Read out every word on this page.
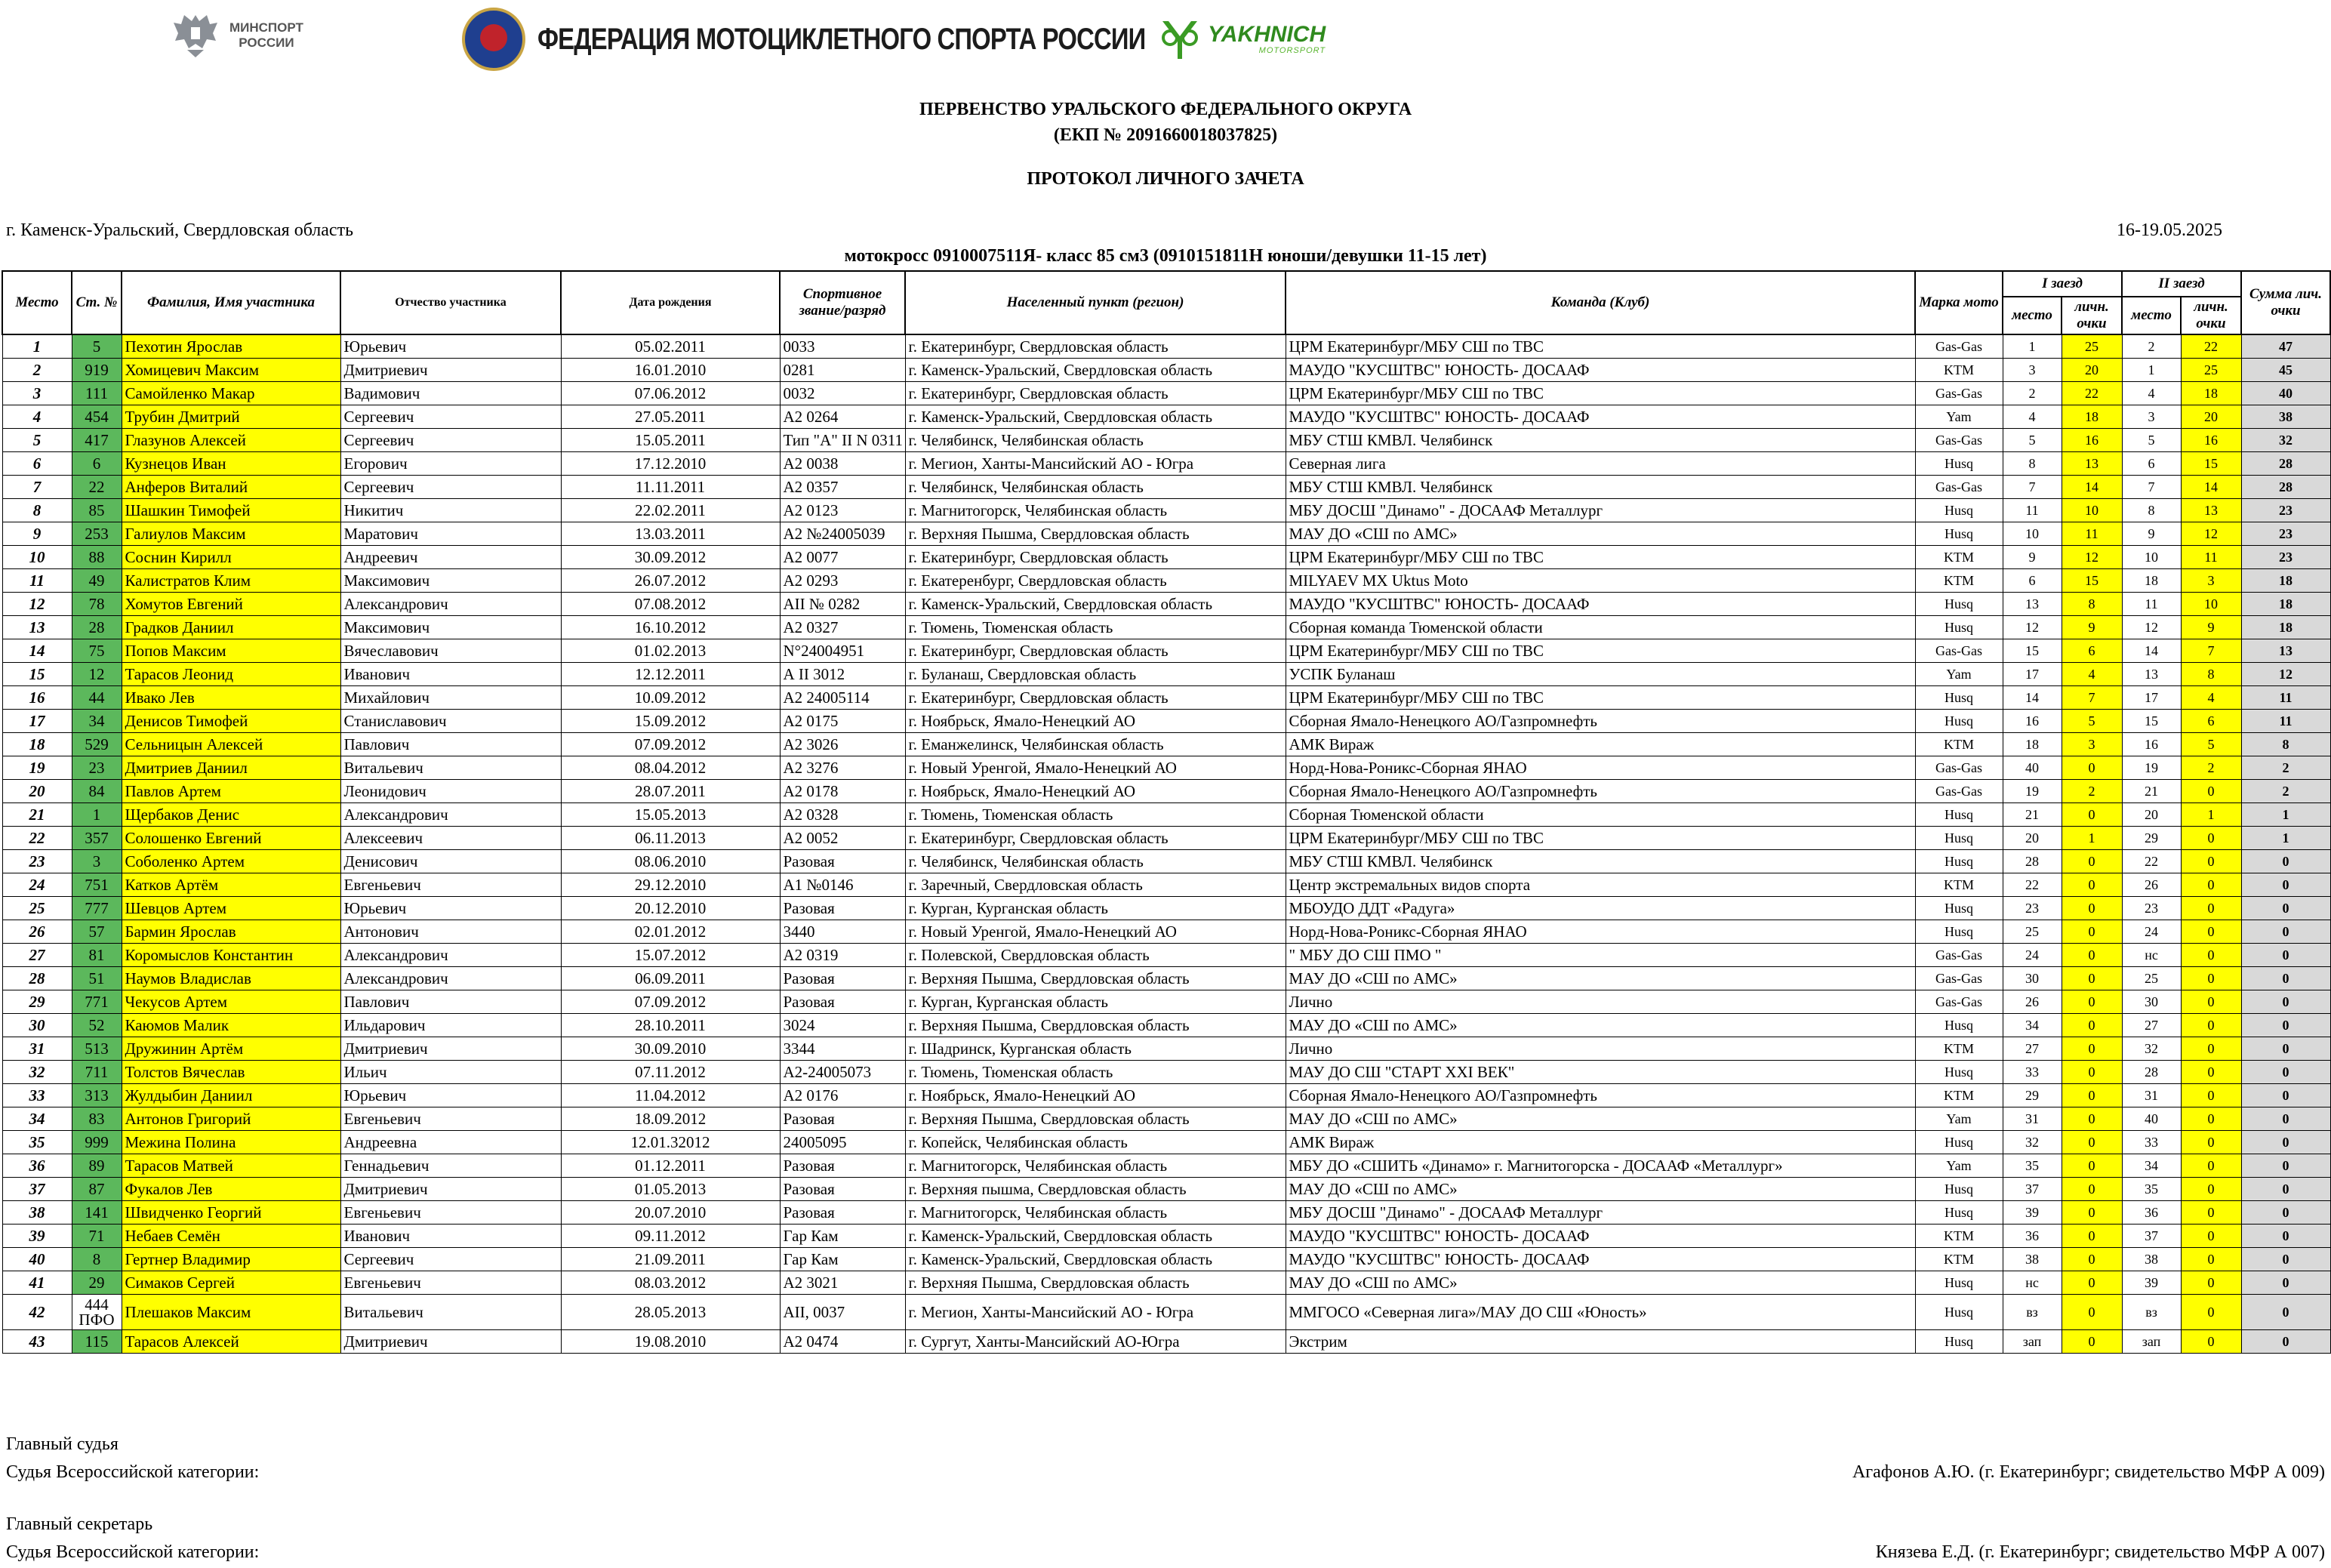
МИНСПОРТ
РОССИИ	ФЕДЕРАЦИЯ МОТОЦИКЛЕТНОГО СПОРТА РОССИИ	YAKHNICH
MOTORSPORT
ПЕРВЕНСТВО УРАЛЬСКОГО ФЕДЕРАЛЬНОГО ОКРУГА
(ЕКП № 2091660018037825)
ПРОТОКОЛ ЛИЧНОГО ЗАЧЕТА
г. Каменск-Уральский, Свердловская область	16-19.05.2025
мотокросс 0910007511Я- класс 85 см3 (0910151811Н юноши/девушки 11-15 лет)
Место	Ст. №	Фамилия, Имя участника	Отчество участника	Дата рождения	Спортивное звание/разряд	Населенный пункт (регион)	Команда (Клуб)	Марка мото	I заезд		II заезд		Сумма лич. очки
									место	личн. очки	место	личн. очки	
1	5	Пехотин Ярослав	Юрьевич	05.02.2011	0033	г. Екатеринбург, Свердловская область	ЦРМ Екатеринбург/МБУ СШ по ТВС	Gas-Gas	1	25	2	22	47
2	919	Хомицевич Максим	Дмитриевич	16.01.2010	0281	г. Каменск-Уральский, Свердловская область	МАУДО "КУСШТВС" ЮНОСТЬ- ДОСААФ	KTM	3	20	1	25	45
3	111	Самойленко Макар	Вадимович	07.06.2012	0032	г. Екатеринбург, Свердловская область	ЦРМ Екатеринбург/МБУ СШ по ТВС	Gas-Gas	2	22	4	18	40
4	454	Трубин Дмитрий	Сергеевич	27.05.2011	А2 0264	г. Каменск-Уральский, Свердловская область	МАУДО "КУСШТВС" ЮНОСТЬ- ДОСААФ	Yam	4	18	3	20	38
5	417	Глазунов Алексей	Сергеевич	15.05.2011	Тип "А" II N 0311	г. Челябинск, Челябинская область	МБУ СТШ КМВЛ. Челябинск	Gas-Gas	5	16	5	16	32
6	6	Кузнецов Иван	Егорович	17.12.2010	А2 0038	г. Мегион, Ханты-Мансийский АО - Югра	Северная лига	Husq	8	13	6	15	28
7	22	Анферов Виталий	Сергеевич	11.11.2011	А2 0357	г. Челябинск, Челябинская область	МБУ СТШ КМВЛ. Челябинск	Gas-Gas	7	14	7	14	28
8	85	Шашкин Тимофей	Никитич	22.02.2011	А2 0123	г. Магнитогорск, Челябинская область	МБУ ДОСШ "Динамо" - ДОСААФ Металлург	Husq	11	10	8	13	23
9	253	Галиулов Максим	Маратович	13.03.2011	А2 №24005039	г. Верхняя Пышма, Свердловская область	МАУ ДО «СШ по АМС»	Husq	10	11	9	12	23
10	88	Соснин Кирилл	Андреевич	30.09.2012	А2 0077	г. Екатеринбург, Свердловская область	ЦРМ Екатеринбург/МБУ СШ по ТВС	KTM	9	12	10	11	23
11	49	Калистратов Клим	Максимович	26.07.2012	А2 0293	г. Екатеренбург, Свердловская область	MILYAEV MX Uktus Moto	KTM	6	15	18	3	18
12	78	Хомутов Евгений	Александрович	07.08.2012	АII № 0282	г. Каменск-Уральский, Свердловская область	МАУДО "КУСШТВС" ЮНОСТЬ- ДОСААФ	Husq	13	8	11	10	18
13	28	Градков Даниил	Максимович	16.10.2012	А2 0327	г. Тюмень, Тюменская область	Сборная команда Тюменской области	Husq	12	9	12	9	18
14	75	Попов Максим	Вячеславович	01.02.2013	N°24004951	г. Екатеринбург, Свердловская область	ЦРМ Екатеринбург/МБУ СШ по ТВС	Gas-Gas	15	6	14	7	13
15	12	Тарасов Леонид	Иванович	12.12.2011	А II 3012	г. Буланаш, Свердловская область	УСПК Буланаш	Yam	17	4	13	8	12
16	44	Ивако Лев	Михайлович	10.09.2012	А2 24005114	г. Екатеринбург, Свердловская область	ЦРМ Екатеринбург/МБУ СШ по ТВС	Husq	14	7	17	4	11
17	34	Денисов Тимофей	Станиславович	15.09.2012	А2 0175	г. Ноябрьск, Ямало-Ненецкий АО	Сборная Ямало-Ненецкого АО/Газпромнефть	Husq	16	5	15	6	11
18	529	Сельницын Алексей	Павлович	07.09.2012	А2 3026	г. Еманжелинск, Челябинская область	АМК Вираж	KTM	18	3	16	5	8
19	23	Дмитриев Даниил	Витальевич	08.04.2012	А2 3276	г. Новый Уренгой, Ямало-Ненецкий АО	Норд-Нова-Роникс-Сборная ЯНАО	Gas-Gas	40	0	19	2	2
20	84	Павлов Артем	Леонидович	28.07.2011	А2 0178	г. Ноябрьск, Ямало-Ненецкий АО	Сборная Ямало-Ненецкого АО/Газпромнефть	Gas-Gas	19	2	21	0	2
21	1	Щербаков Денис	Александрович	15.05.2013	А2 0328	г. Тюмень, Тюменская область	Сборная Тюменской области	Husq	21	0	20	1	1
22	357	Солошенко Евгений	Алексеевич	06.11.2013	А2 0052	г. Екатеринбург, Свердловская область	ЦРМ Екатеринбург/МБУ СШ по ТВС	Husq	20	1	29	0	1
23	3	Соболенко Артем	Денисович	08.06.2010	Разовая	г. Челябинск, Челябинская область	МБУ СТШ КМВЛ. Челябинск	Husq	28	0	22	0	0
24	751	Катков Артём	Евгеньевич	29.12.2010	А1 №0146	г. Заречный, Свердловская область	Центр экстремальных видов спорта	KTM	22	0	26	0	0
25	777	Шевцов Артем	Юрьевич	20.12.2010	Разовая	г. Курган, Курганская область	МБОУДО ДДТ «Радуга»	Husq	23	0	23	0	0
26	57	Бармин Ярослав	Антонович	02.01.2012	3440	г. Новый Уренгой, Ямало-Ненецкий АО	Норд-Нова-Роникс-Сборная ЯНАО	Husq	25	0	24	0	0
27	81	Коромыслов Константин	Александрович	15.07.2012	А2 0319	г. Полевской, Свердловская область	" МБУ ДО СШ ПМО "	Gas-Gas	24	0	нс	0	0
28	51	Наумов Владислав	Александрович	06.09.2011	Разовая	г. Верхняя Пышма, Свердловская область	МАУ ДО «СШ по АМС»	Gas-Gas	30	0	25	0	0
29	771	Чекусов Артем	Павлович	07.09.2012	Разовая	г. Курган, Курганская область	Лично	Gas-Gas	26	0	30	0	0
30	52	Каюмов Малик	Ильдарович	28.10.2011	3024	г. Верхняя Пышма, Свердловская область	МАУ ДО «СШ по АМС»	Husq	34	0	27	0	0
31	513	Дружинин Артём	Дмитриевич	30.09.2010	3344	г. Шадринск, Курганская область	Лично	KTM	27	0	32	0	0
32	711	Толстов Вячеслав	Ильич	07.11.2012	А2-24005073	г. Тюмень, Тюменская область	МАУ ДО СШ "СТАРТ XXI ВЕК"	Husq	33	0	28	0	0
33	313	Жулдыбин Даниил	Юрьевич	11.04.2012	А2 0176	г. Ноябрьск, Ямало-Ненецкий АО	Сборная Ямало-Ненецкого АО/Газпромнефть	KTM	29	0	31	0	0
34	83	Антонов Григорий	Евгеньевич	18.09.2012	Разовая	г. Верхняя Пышма, Свердловская область	МАУ ДО «СШ по АМС»	Yam	31	0	40	0	0
35	999	Межина Полина	Андреевна	12.01.32012	24005095	г. Копейск, Челябинская область	АМК Вираж	Husq	32	0	33	0	0
36	89	Тарасов Матвей	Геннадьевич	01.12.2011	Разовая	г. Магнитогорск, Челябинская область	МБУ ДО «СШИТЬ «Динамо» г. Магнитогорска - ДОСААФ «Металлург»	Yam	35	0	34	0	0
37	87	Фукалов Лев	Дмитриевич	01.05.2013	Разовая	г. Верхняя пышма, Свердловская область	МАУ ДО «СШ по АМС»	Husq	37	0	35	0	0
38	141	Швидченко Георгий	Евгеньевич	20.07.2010	Разовая	г. Магнитогорск, Челябинская область	МБУ ДОСШ "Динамо" - ДОСААФ Металлург	Husq	39	0	36	0	0
39	71	Небаев Семён	Иванович	09.11.2012	Гар Кам	г. Каменск-Уральский, Свердловская область	МАУДО "КУСШТВС" ЮНОСТЬ- ДОСААФ	KTM	36	0	37	0	0
40	8	Гертнер Владимир	Сергеевич	21.09.2011	Гар Кам	г. Каменск-Уральский, Свердловская область	МАУДО "КУСШТВС" ЮНОСТЬ- ДОСААФ	KTM	38	0	38	0	0
41	29	Симаков Сергей	Евгеньевич	08.03.2012	А2 3021	г. Верхняя Пышма, Свердловская область	МАУ ДО «СШ по АМС»	Husq	нс	0	39	0	0
42	444
ПФО	Плешаков Максим	Витальевич	28.05.2013	АII, 0037	г. Мегион, Ханты-Мансийский АО - Югра	ММГОСО «Северная лига»/МАУ ДО СШ «Юность»	Husq	вз	0	вз	0	0
43	115	Тарасов Алексей	Дмитриевич	19.08.2010	А2 0474	г. Сургут, Ханты-Мансийский АО-Югра	Экстрим	Husq	зап	0	зап	0	0
Главный судья
Судья Всероссийской категории:	Агафонов А.Ю. (г. Екатеринбург; свидетельство МФР А 009)
Главный секретарь
Судья Всероссийской категории:	Князева Е.Д. (г. Екатеринбург; свидетельство МФР А 007)
